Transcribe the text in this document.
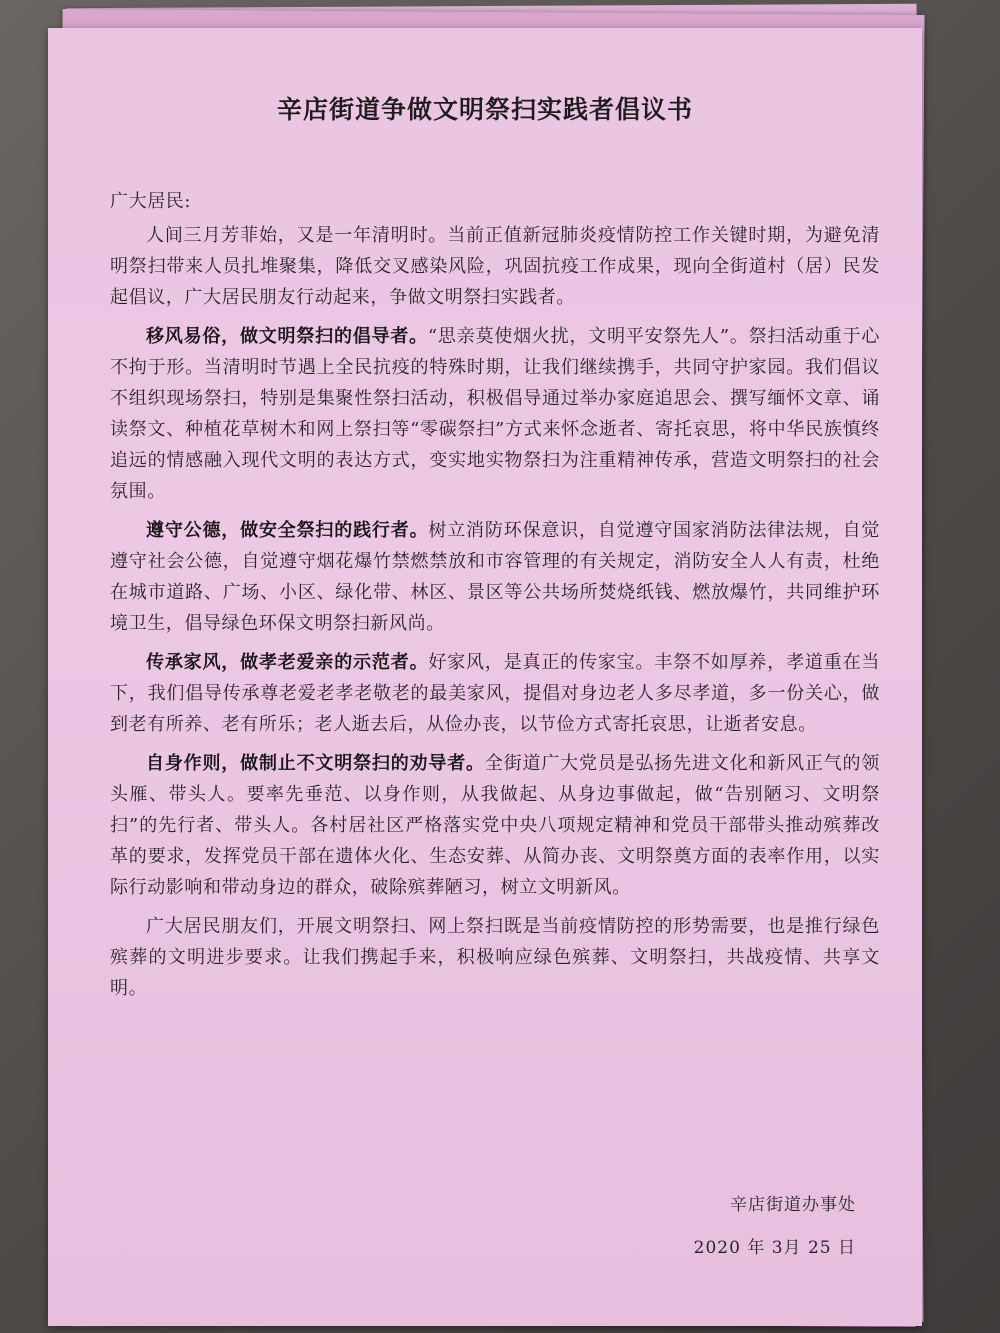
辛店街道争做文明祭扫实践者倡议书

广大居民:

人间三月芳菲始，又是一年清明时。当前正值新冠肺炎疫情防控工作关键时期，为避免清明祭扫带来人员扎堆聚集，降低交叉感染风险，巩固抗疫工作成果，现向全街道村（居）民发起倡议，广大居民朋友行动起来，争做文明祭扫实践者。

移风易俗，做文明祭扫的倡导者。“思亲莫使烟火扰，文明平安祭先人”。祭扫活动重于心不拘于形。当清明时节遇上全民抗疫的特殊时期，让我们继续携手，共同守护家园。我们倡议不组织现场祭扫，特别是集聚性祭扫活动，积极倡导通过举办家庭追思会、撰写缅怀文章、诵读祭文、种植花草树木和网上祭扫等“零碳祭扫”方式来怀念逝者、寄托哀思，将中华民族慎终追远的情感融入现代文明的表达方式，变实地实物祭扫为注重精神传承，营造文明祭扫的社会氛围。

遵守公德，做安全祭扫的践行者。树立消防环保意识，自觉遵守国家消防法律法规，自觉遵守社会公德，自觉遵守烟花爆竹禁燃禁放和市容管理的有关规定，消防安全人人有责，杜绝在城市道路、广场、小区、绿化带、林区、景区等公共场所焚烧纸钱、燃放爆竹，共同维护环境卫生，倡导绿色环保文明祭扫新风尚。

传承家风，做孝老爱亲的示范者。好家风，是真正的传家宝。丰祭不如厚养，孝道重在当下，我们倡导传承尊老爱老孝老敬老的最美家风，提倡对身边老人多尽孝道，多一份关心，做到老有所养、老有所乐；老人逝去后，从俭办丧，以节俭方式寄托哀思，让逝者安息。

自身作则，做制止不文明祭扫的劝导者。全街道广大党员是弘扬先进文化和新风正气的领头雁、带头人。要率先垂范、以身作则，从我做起、从身边事做起，做“告别陋习、文明祭扫”的先行者、带头人。各村居社区严格落实党中央八项规定精神和党员干部带头推动殡葬改革的要求，发挥党员干部在遗体火化、生态安葬、从简办丧、文明祭奠方面的表率作用，以实际行动影响和带动身边的群众，破除殡葬陋习，树立文明新风。

广大居民朋友们，开展文明祭扫、网上祭扫既是当前疫情防控的形势需要，也是推行绿色殡葬的文明进步要求。让我们携起手来，积极响应绿色殡葬、文明祭扫，共战疫情、共享文明。

辛店街道办事处
2020 年 3月 25 日
